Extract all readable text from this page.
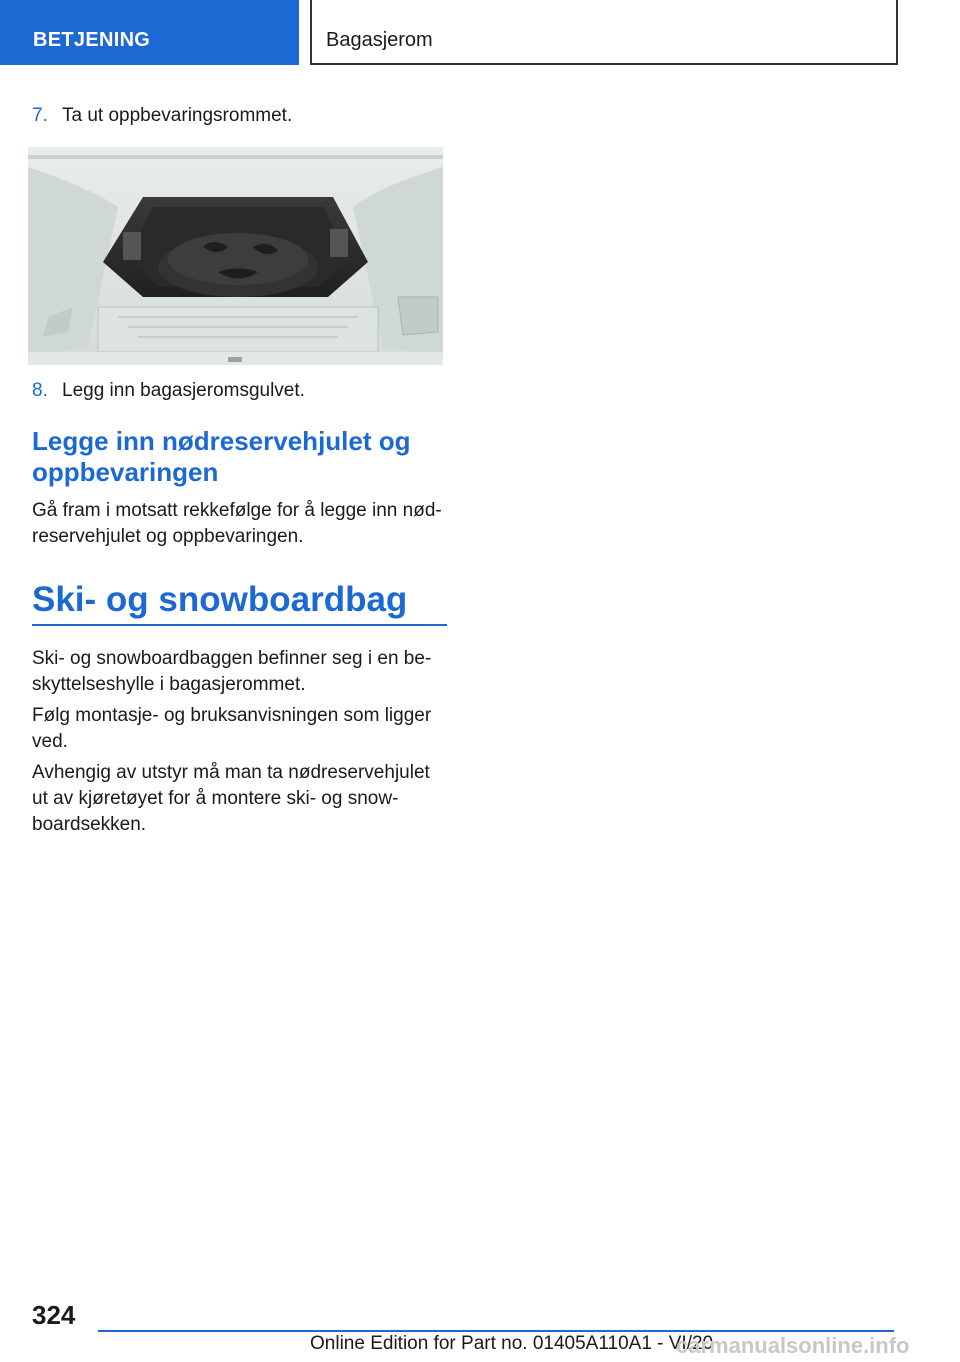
BETJENING	Bagasjerom
7. Ta ut oppbevaringsrommet.
8. Legg inn bagasjeromsgulvet.
Legge inn nødreservehjulet og
oppbevaringen
Gå fram i motsatt rekkefølge for å legge inn nød-
reservehjulet og oppbevaringen.
Ski- og snowboardbag
Ski- og snowboardbaggen befinner seg i en be-
skyttelseshylle i bagasjerommet.
Følg montasje- og bruksanvisningen som ligger
ved.
Avhengig av utstyr må man ta nødreservehjulet
ut av kjøretøyet for å montere ski- og snow-
boardsekken.
324
Online Edition for Part no. 01405A110A1 - VI/20
carmanualsonline.info
